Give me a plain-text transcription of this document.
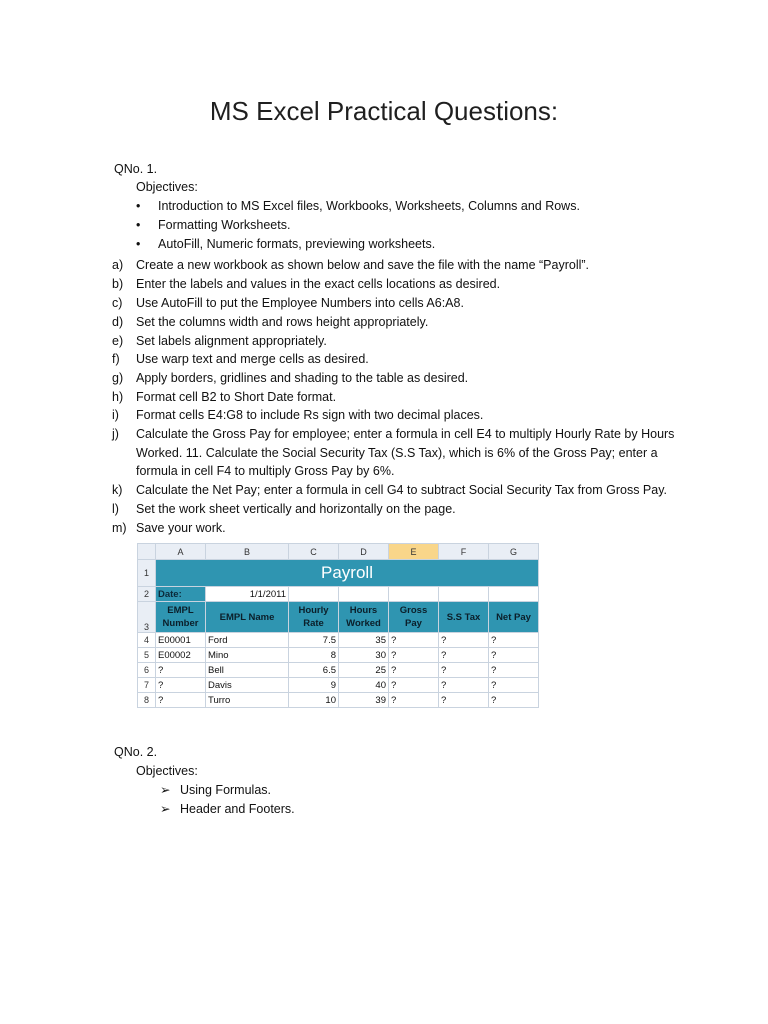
MS Excel Practical Questions:
QNo. 1.
Objectives:
• Introduction to MS Excel files, Workbooks, Worksheets, Columns and Rows.
• Formatting Worksheets.
• AutoFill, Numeric formats, previewing worksheets.
a) Create a new workbook as shown below and save the file with the name “Payroll”.
b) Enter the labels and values in the exact cells locations as desired.
c) Use AutoFill to put the Employee Numbers into cells A6:A8.
d) Set the columns width and rows height appropriately.
e) Set labels alignment appropriately.
f) Use warp text and merge cells as desired.
g) Apply borders, gridlines and shading to the table as desired.
h) Format cell B2 to Short Date format.
i) Format cells E4:G8 to include Rs sign with two decimal places.
j) Calculate the Gross Pay for employee; enter a formula in cell E4 to multiply Hourly Rate by Hours Worked. 11. Calculate the Social Security Tax (S.S Tax), which is 6% of the Gross Pay; enter a formula in cell F4 to multiply Gross Pay by 6%.
k) Calculate the Net Pay; enter a formula in cell G4 to subtract Social Security Tax from Gross Pay.
l) Set the work sheet vertically and horizontally on the page.
m) Save your work.
	A	B	C	D	E	F	G
1	Payroll						
2	Date:	1/1/2011					
3	EMPL Number	EMPL Name	Hourly Rate	Hours Worked	Gross Pay	S.S Tax	Net Pay
4	E00001	Ford	7.5	35	?	?	?
5	E00002	Mino	8	30	?	?	?
6	?	Bell	6.5	25	?	?	?
7	?	Davis	9	40	?	?	?
8	?	Turro	10	39	?	?	?
QNo. 2.
Objectives:
➢ Using Formulas.
➢ Header and Footers.
